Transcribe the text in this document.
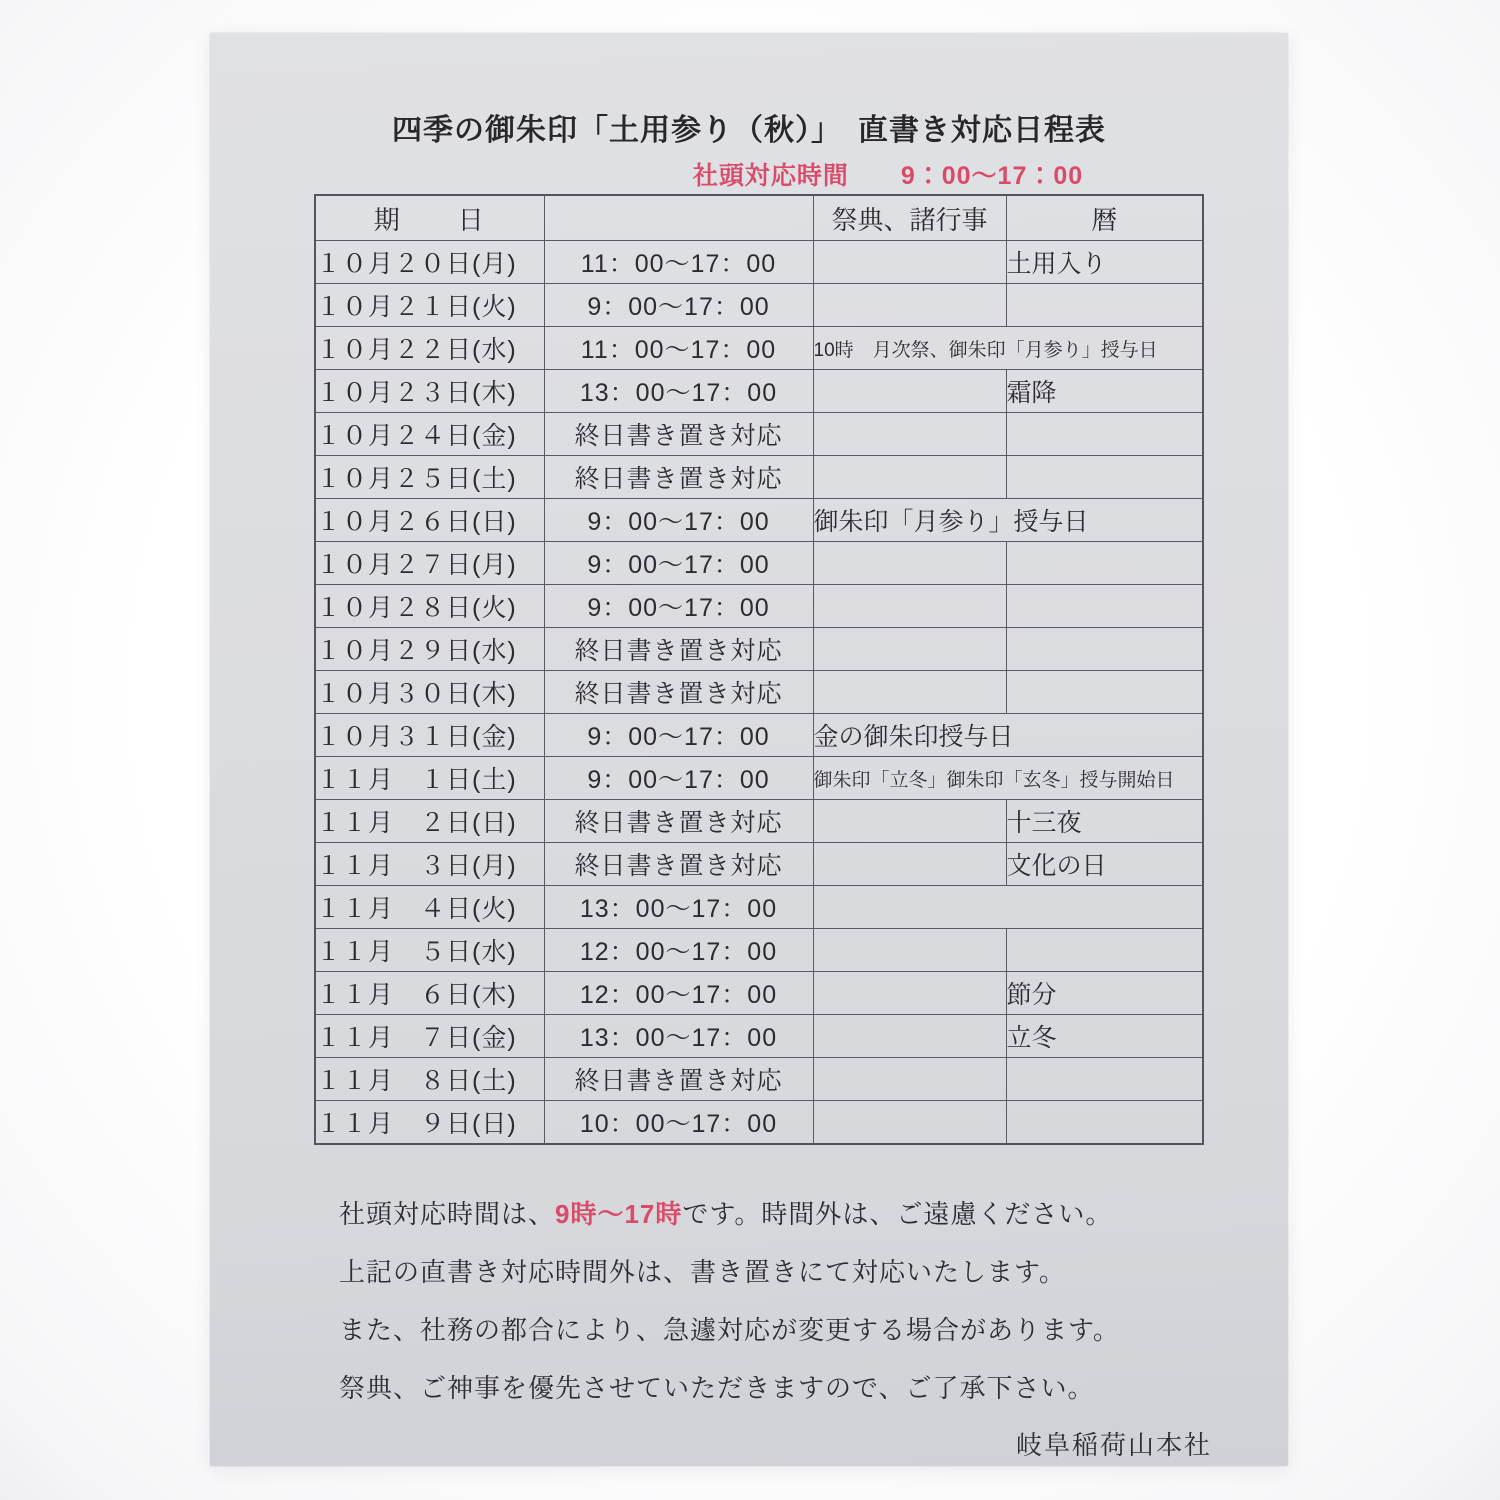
四季の御朱印「土用参り（秋）」　直書き対応日程表
社頭対応時間　　9：00～17：00
期　　日		祭典、諸行事	暦
１０月２０日(月)	11：00～17：00		土用入り
１０月２１日(火)	9：00～17：00		
１０月２２日(水)	11：00～17：00	10時　月次祭、御朱印「月参り」授与日	
１０月２３日(木)	13：00～17：00		霜降
１０月２４日(金)	終日書き置き対応		
１０月２５日(土)	終日書き置き対応		
１０月２６日(日)	9：00～17：00	御朱印「月参り」授与日	
１０月２７日(月)	9：00～17：00		
１０月２８日(火)	9：00～17：00		
１０月２９日(水)	終日書き置き対応		
１０月３０日(木)	終日書き置き対応		
１０月３１日(金)	9：00～17：00	金の御朱印授与日	
１１月　１日(土)	9：00～17：00	御朱印「立冬」御朱印「玄冬」授与開始日	
１１月　２日(日)	終日書き置き対応		十三夜
１１月　３日(月)	終日書き置き対応		文化の日
１１月　４日(火)	13：00～17：00		
１１月　５日(水)	12：00～17：00		
１１月　６日(木)	12：00～17：00		節分
１１月　７日(金)	13：00～17：00		立冬
１１月　８日(土)	終日書き置き対応		
１１月　９日(日)	10：00～17：00		

社頭対応時間は、9時～17時です。時間外は、ご遠慮ください。

上記の直書き対応時間外は、書き置きにて対応いたします。

また、社務の都合により、急遽対応が変更する場合があります。

祭典、ご神事を優先させていただきますので、ご了承下さい。

岐阜稲荷山本社
